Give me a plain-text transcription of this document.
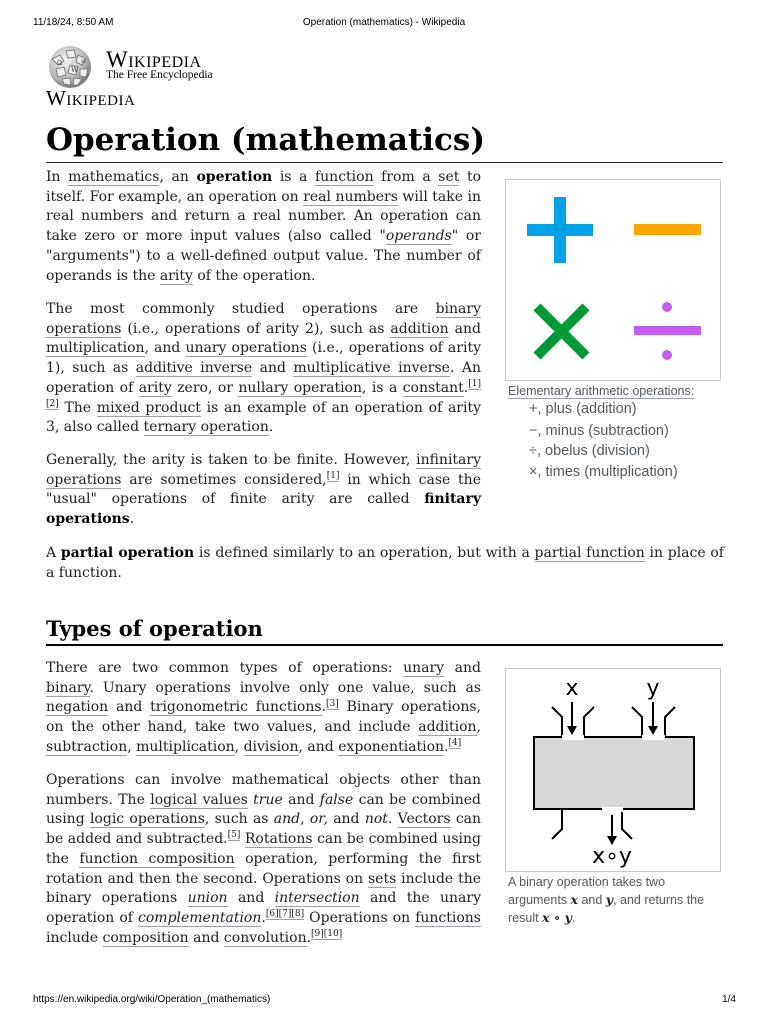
11/18/24, 8:50 AM	Operation (mathematics) - Wikipedia
Ω
W
И Wikipedia
The Free Encyclopedia
Wikipedia
Operation (mathematics)

In mathematics, an operation is a function from a set to itself. For example, an operation on real numbers will take in real numbers and return a real number. An operation can take zero or more input values (also called "operands" or "arguments") to a well-defined output value. The number of operands is the arity of the operation.

The most commonly studied operations are binary operations (i.e., operations of arity 2), such as addition and multiplication, and unary operations (i.e., operations of arity 1), such as additive inverse and multiplicative inverse. An operation of arity zero, or nullary operation, is a constant.[1][2] The mixed product is an example of an operation of arity 3, also called ternary operation.

Generally, the arity is taken to be finite. However, infinitary operations are sometimes considered,[1] in which case the "usual" operations of finite arity are called finitary operations.

A partial operation is defined similarly to an operation, but with a partial function in place of a function.

Elementary arithmetic operations:
+, plus (addition)
−, minus (subtraction)
÷, obelus (division)
×, times (multiplication)
Types of operation

There are two common types of operations: unary and binary. Unary operations involve only one value, such as negation and trigonometric functions.[3] Binary operations, on the other hand, take two values, and include addition, subtraction, multiplication, division, and exponentiation.[4]

Operations can involve mathematical objects other than numbers. The logical values true and false can be combined using logic operations, such as and, or, and not. Vectors can be added and subtracted.[5] Rotations can be combined using the function composition operation, performing the first rotation and then the second. Operations on sets include the binary operations union and intersection and the unary operation of complementation.[6][7][8] Operations on functions include composition and convolution.[9][10]

x	y
x∘y
A binary operation takes two arguments x and y, and returns the result x ∘ y.
https://en.wikipedia.org/wiki/Operation_(mathematics)	1/4
